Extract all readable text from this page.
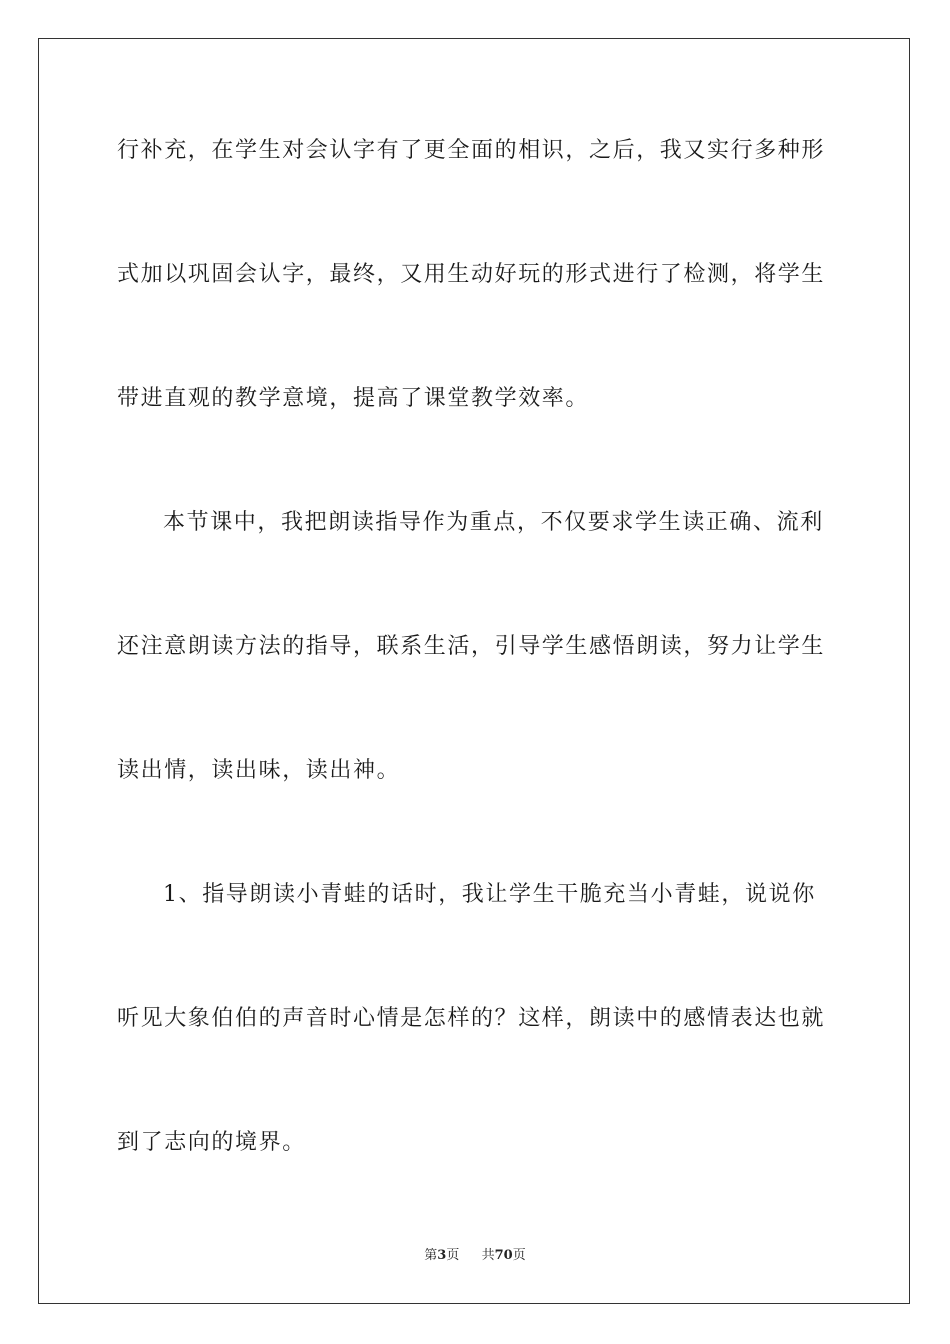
行补充，在学生对会认字有了更全面的相识，之后，我又实行多种形
式加以巩固会认字，最终，又用生动好玩的形式进行了检测，将学生
带进直观的教学意境，提高了课堂教学效率。
本节课中，我把朗读指导作为重点，不仅要求学生读正确、流利
还注意朗读方法的指导，联系生活，引导学生感悟朗读，努力让学生
读出情，读出味，读出神。
1、指导朗读小青蛙的话时，我让学生干脆充当小青蛙，说说你
听见大象伯伯的声音时心情是怎样的？这样，朗读中的感情表达也就
到了志向的境界。
第3页 共70页
